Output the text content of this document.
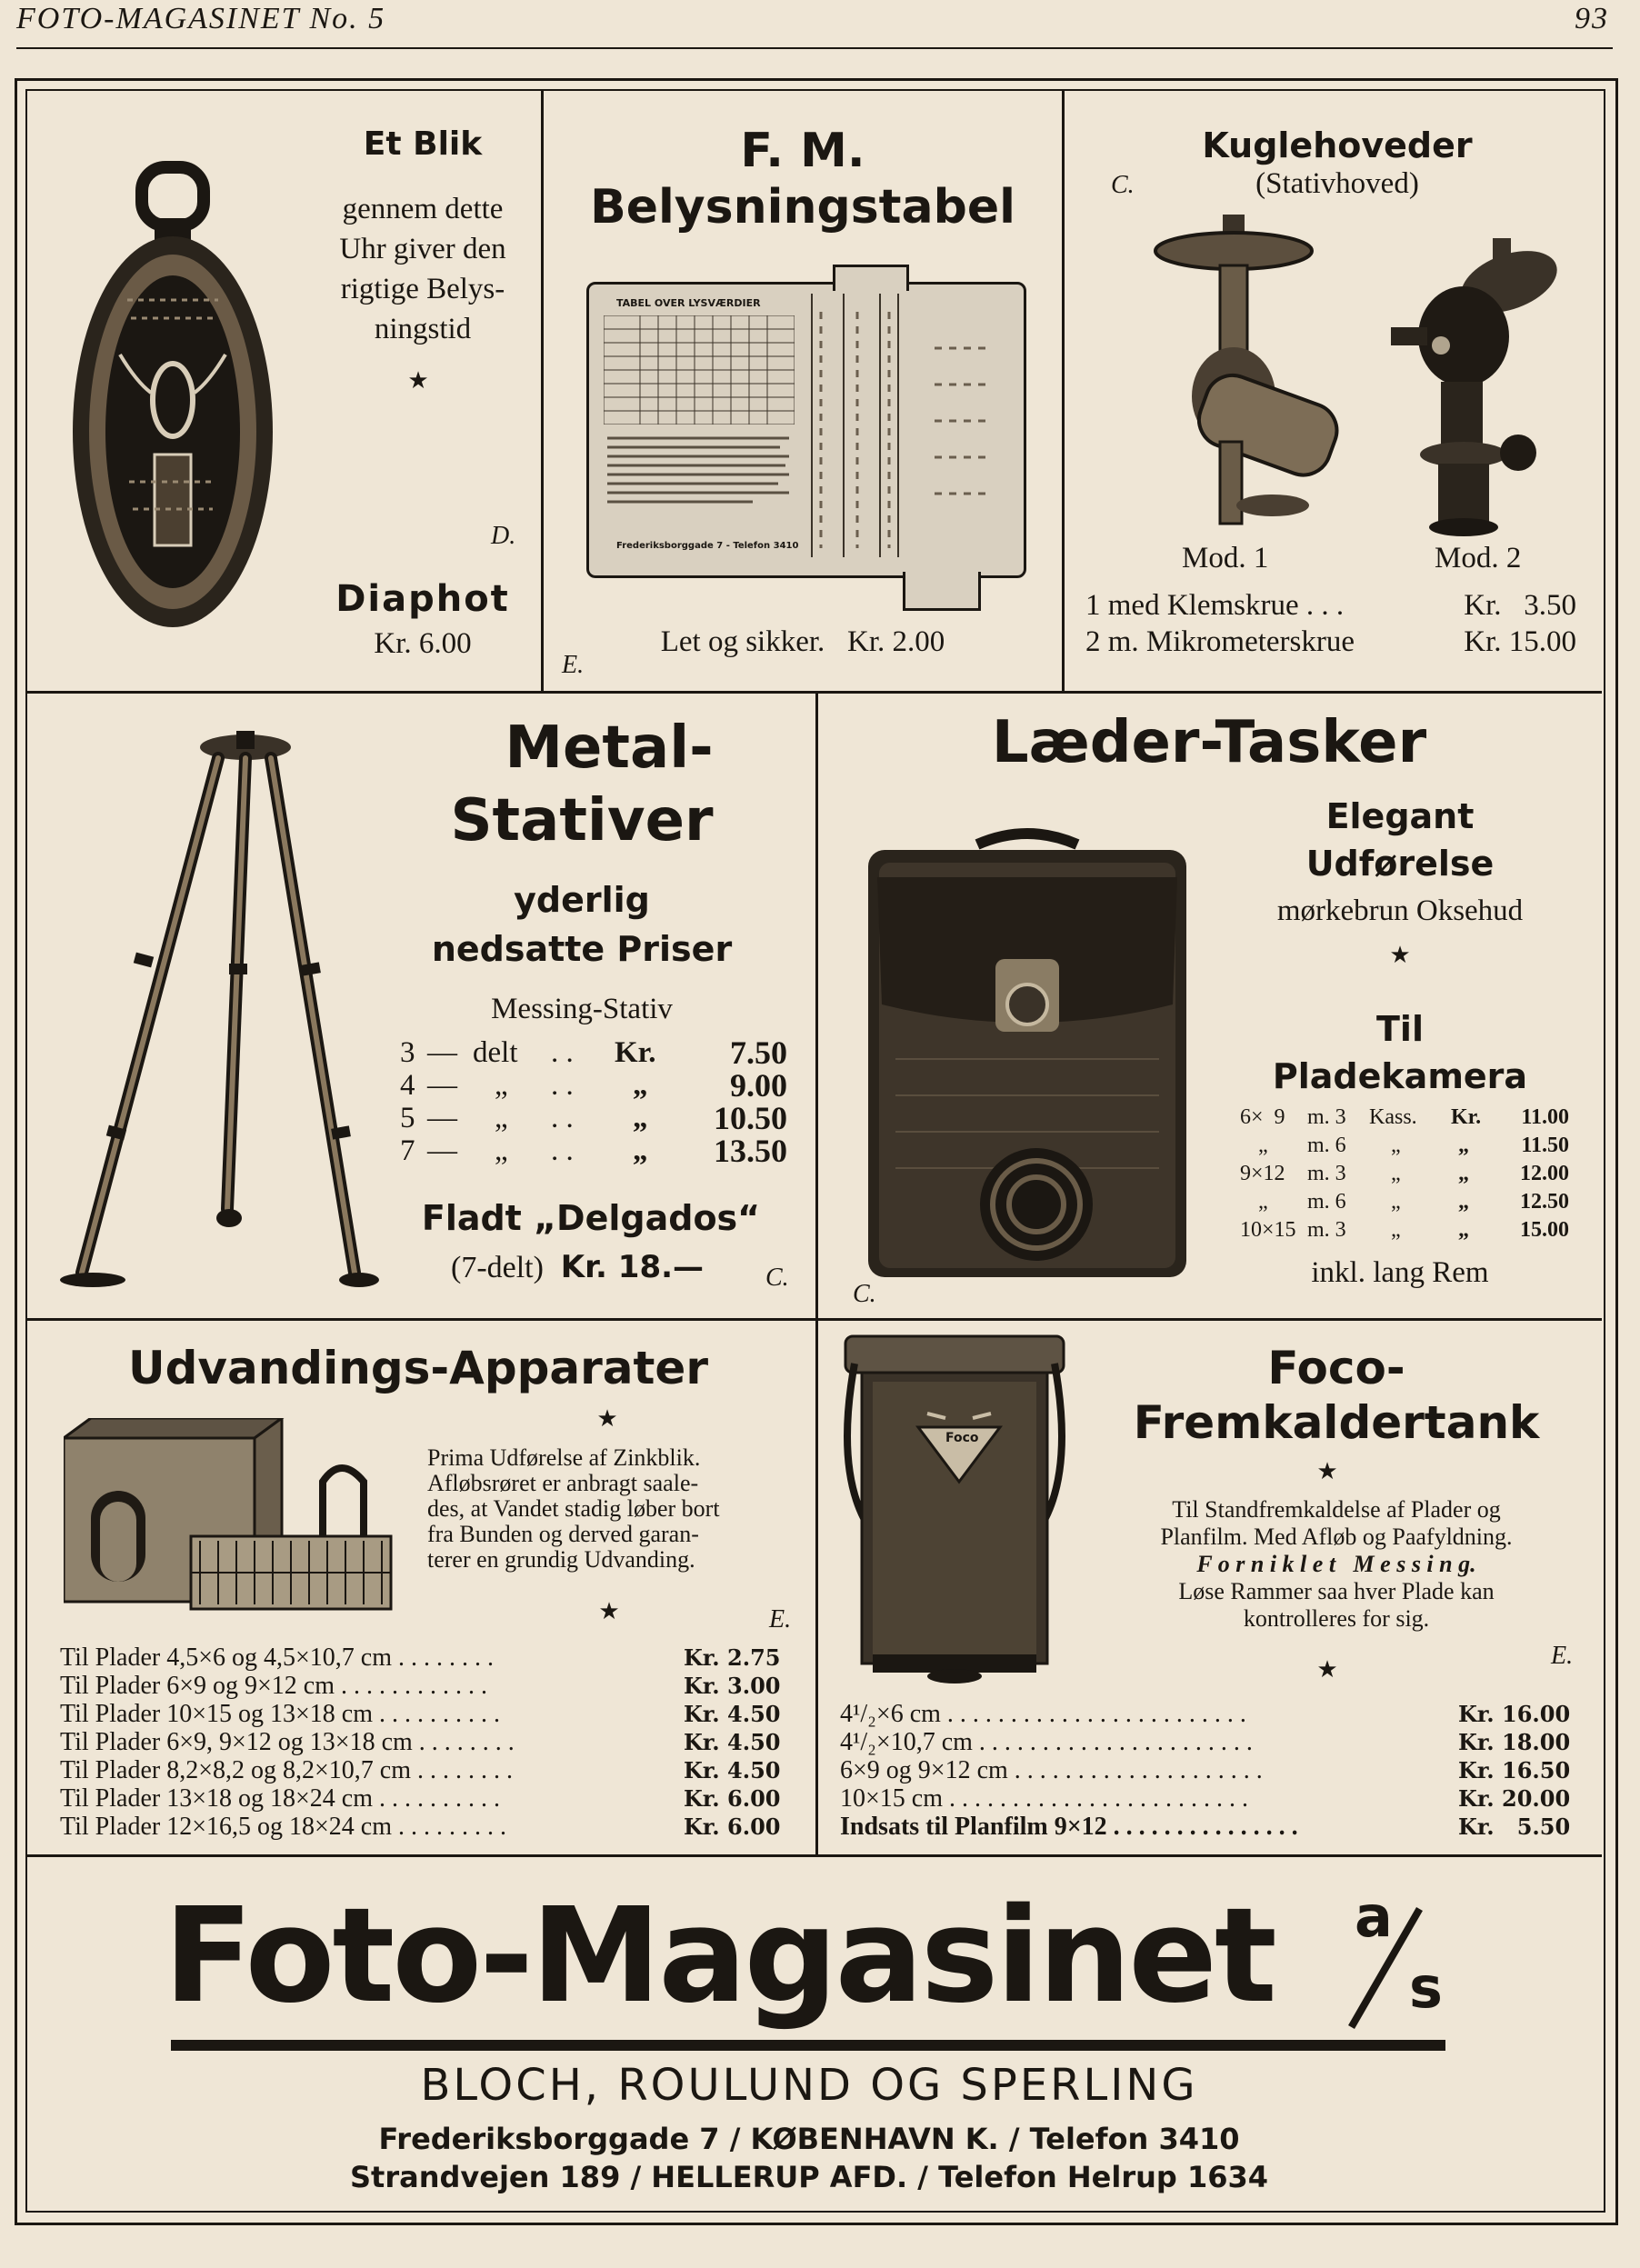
FOTO-MAGASINET No. 5	93
Et Blik
gennem dette
Uhr giver den
rigtige Belys-
ningstid
★
D.
Diaphot
Kr. 6.00
F. M.
Belysningstabel
TABEL OVER LYSVÆRDIER
Frederiksborggade 7 - Telefon 3410
Let og sikker.   Kr. 2.00
E.
Kuglehoveder
(Stativhoved)
C.
Mod. 1	Mod. 2
1 med Klemskrue . . .	Kr.   3.50
2 m. Mikrometerskrue	Kr. 15.00
Metal-
Stativer
yderlig
nedsatte Priser
Messing-Stativ
3 — delt	. .	Kr.	7.50
4 —	„	. .	„	9.00
5 —	„	. .	„	10.50
7 —	„	. .	„	13.50
Fladt „Delgados“
(7-delt) Kr. 18.— C.
Læder-Tasker
Elegant
Udførelse
mørkebrun Oksehud
★
Til
Pladekamera
6×  9	m. 3	Kass.	Kr.	11.00
„	m. 6	„	„	11.50
9×12	m. 3	„	„	12.00
„	m. 6	„	„	12.50
10×15 m. 3	„	„	15.00
inkl. lang Rem
C.
Udvandings-Apparater
★
Prima Udførelse af Zinkblik.
Afløbsrøret er anbragt saale-
des, at Vandet stadig løber bort
fra Bunden og derved garan-
terer en grundig Udvanding.
★	E.
Til Plader 4,5×6 og 4,5×10,7 cm . . . . . . . .	Kr. 2.75
Til Plader 6×9 og 9×12 cm . . . . . . . . . . . .	Kr. 3.00
Til Plader 10×15 og 13×18 cm . . . . . . . . . .	Kr. 4.50
Til Plader 6×9, 9×12 og 13×18 cm . . . . . . . .	Kr. 4.50
Til Plader 8,2×8,2 og 8,2×10,7 cm . . . . . . . .	Kr. 4.50
Til Plader 13×18 og 18×24 cm . . . . . . . . . .	Kr. 6.00
Til Plader 12×16,5 og 18×24 cm . . . . . . . . .	Kr. 6.00
Foco
Foco-
Fremkaldertank
★
Til Standfremkaldelse af Plader og
Planfilm. Med Afløb og Paafyldning.
F o r n i k l e t   M e s s i n g.
Løse Rammer saa hver Plade kan
kontrolleres for sig.
E.
★
4¹/₂×6 cm . . . . . . . . . . . . . . . . . . . . . . . .	Kr. 16.00
4¹/₂×10,7 cm . . . . . . . . . . . . . . . . . . . . . .	Kr. 18.00
6×9 og 9×12 cm . . . . . . . . . . . . . . . . . . . .	Kr. 16.50
10×15 cm . . . . . . . . . . . . . . . . . . . . . . . .	Kr. 20.00
Indsats til Planfilm 9×12 . . . . . . . . . . . . . . .	Kr.   5.50
Foto-Magasinet a
s
BLOCH, ROULUND OG SPERLING
Frederiksborggade 7 / KØBENHAVN K. / Telefon 3410
Strandvejen 189 / HELLERUP AFD. / Telefon Helrup 1634
